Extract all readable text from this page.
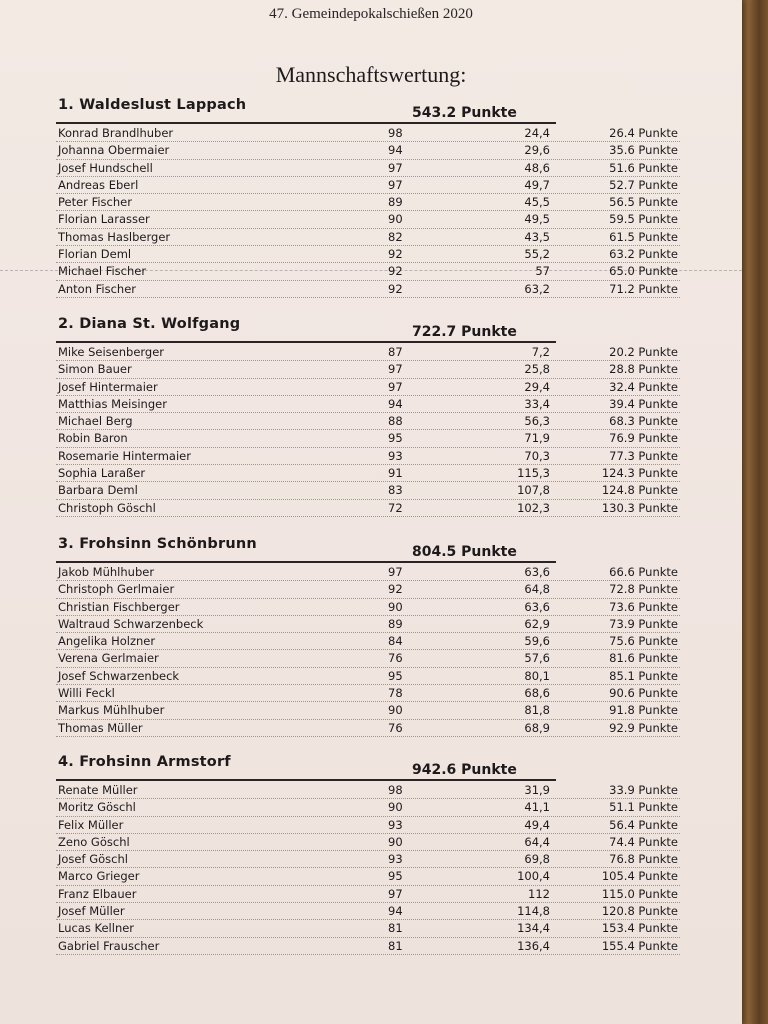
47. Gemeindepokalschießen 2020
Mannschaftswertung:
1. Waldeslust Lappach	543.2 Punkte
Konrad Brandlhuber	98	24,4	26.4 Punkte
Johanna Obermaier	94	29,6	35.6 Punkte
Josef Hundschell	97	48,6	51.6 Punkte
Andreas Eberl	97	49,7	52.7 Punkte
Peter Fischer	89	45,5	56.5 Punkte
Florian Larasser	90	49,5	59.5 Punkte
Thomas Haslberger	82	43,5	61.5 Punkte
Florian Deml	92	55,2	63.2 Punkte
Michael Fischer	92	57	65.0 Punkte
Anton Fischer	92	63,2	71.2 Punkte
2. Diana St. Wolfgang	722.7 Punkte
Mike Seisenberger	87	7,2	20.2 Punkte
Simon Bauer	97	25,8	28.8 Punkte
Josef Hintermaier	97	29,4	32.4 Punkte
Matthias Meisinger	94	33,4	39.4 Punkte
Michael Berg	88	56,3	68.3 Punkte
Robin Baron	95	71,9	76.9 Punkte
Rosemarie Hintermaier	93	70,3	77.3 Punkte
Sophia Laraßer	91	115,3	124.3 Punkte
Barbara Deml	83	107,8	124.8 Punkte
Christoph Göschl	72	102,3	130.3 Punkte
3. Frohsinn Schönbrunn	804.5 Punkte
Jakob Mühlhuber	97	63,6	66.6 Punkte
Christoph Gerlmaier	92	64,8	72.8 Punkte
Christian Fischberger	90	63,6	73.6 Punkte
Waltraud Schwarzenbeck	89	62,9	73.9 Punkte
Angelika Holzner	84	59,6	75.6 Punkte
Verena Gerlmaier	76	57,6	81.6 Punkte
Josef Schwarzenbeck	95	80,1	85.1 Punkte
Willi Feckl	78	68,6	90.6 Punkte
Markus Mühlhuber	90	81,8	91.8 Punkte
Thomas Müller	76	68,9	92.9 Punkte
4. Frohsinn Armstorf	942.6 Punkte
Renate Müller	98	31,9	33.9 Punkte
Moritz Göschl	90	41,1	51.1 Punkte
Felix Müller	93	49,4	56.4 Punkte
Zeno Göschl	90	64,4	74.4 Punkte
Josef Göschl	93	69,8	76.8 Punkte
Marco Grieger	95	100,4	105.4 Punkte
Franz Elbauer	97	112	115.0 Punkte
Josef Müller	94	114,8	120.8 Punkte
Lucas Kellner	81	134,4	153.4 Punkte
Gabriel Frauscher	81	136,4	155.4 Punkte
